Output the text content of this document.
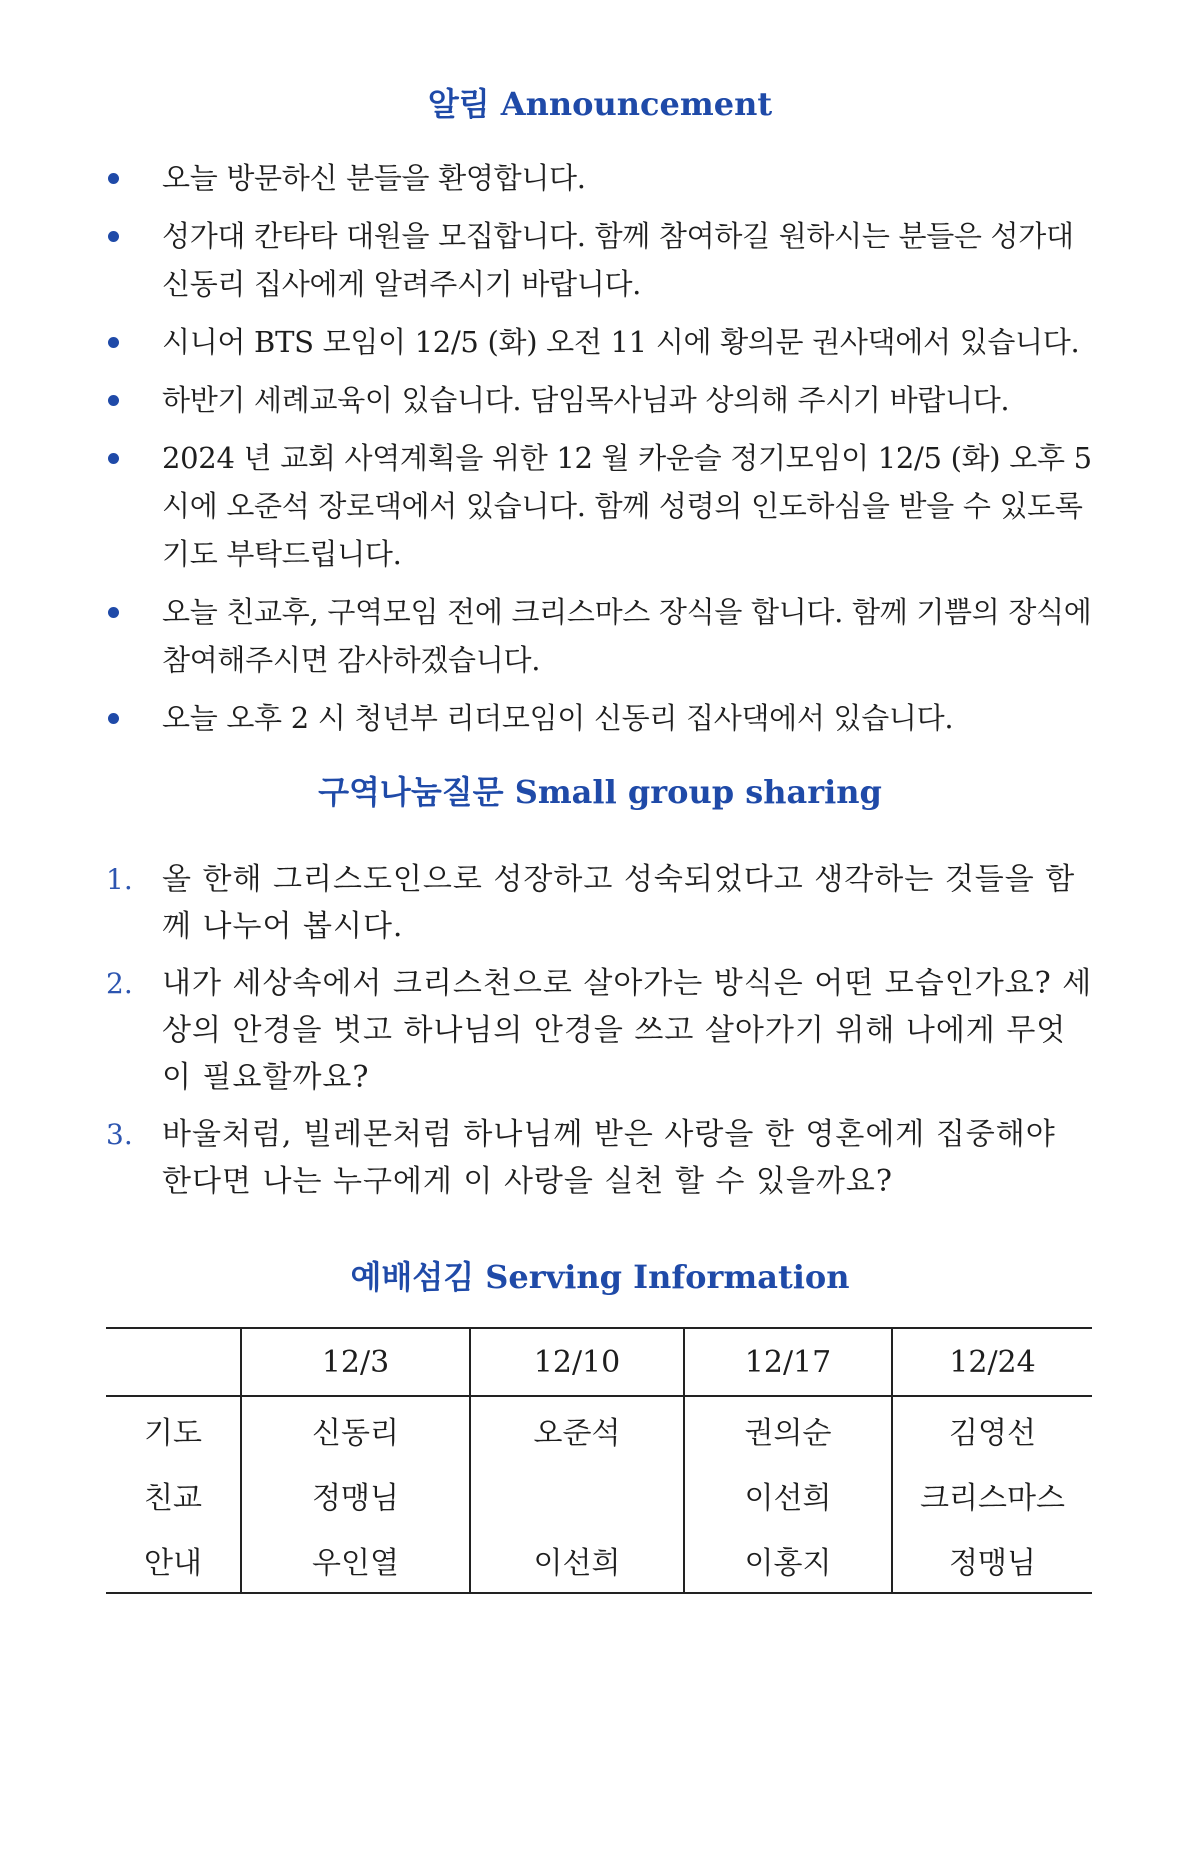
알림 Announcement
오늘 방문하신 분들을 환영합니다.
성가대 칸타타 대원을 모집합니다. 함께 참여하길 원하시는 분들은 성가대 신동리 집사에게 알려주시기 바랍니다.
시니어 BTS 모임이 12/5 (화) 오전 11 시에 황의문 권사댁에서 있습니다.
하반기 세례교육이 있습니다. 담임목사님과 상의해 주시기 바랍니다.
2024 년 교회 사역계획을 위한 12 월 카운슬 정기모임이 12/5 (화) 오후 5 시에 오준석 장로댁에서 있습니다. 함께 성령의 인도하심을 받을 수 있도록 기도 부탁드립니다.
오늘 친교후, 구역모임 전에 크리스마스 장식을 합니다. 함께 기쁨의 장식에 참여해주시면 감사하겠습니다.
오늘 오후 2 시 청년부 리더모임이 신동리 집사댁에서 있습니다.
구역나눔질문 Small group sharing
1. 올 한해 그리스도인으로 성장하고 성숙되었다고 생각하는 것들을 함께 나누어 봅시다.
2. 내가 세상속에서 크리스천으로 살아가는 방식은 어떤 모습인가요? 세상의 안경을 벗고 하나님의 안경을 쓰고 살아가기 위해 나에게 무엇이 필요할까요?
3. 바울처럼, 빌레몬처럼 하나님께 받은 사랑을 한 영혼에게 집중해야 한다면 나는 누구에게 이 사랑을 실천 할 수 있을까요?
예배섬김 Serving Information
	12/3	12/10	12/17	12/24
기도	신동리	오준석	권의순	김영선
친교	정맹님		이선희	크리스마스
안내	우인열	이선희	이홍지	정맹님
